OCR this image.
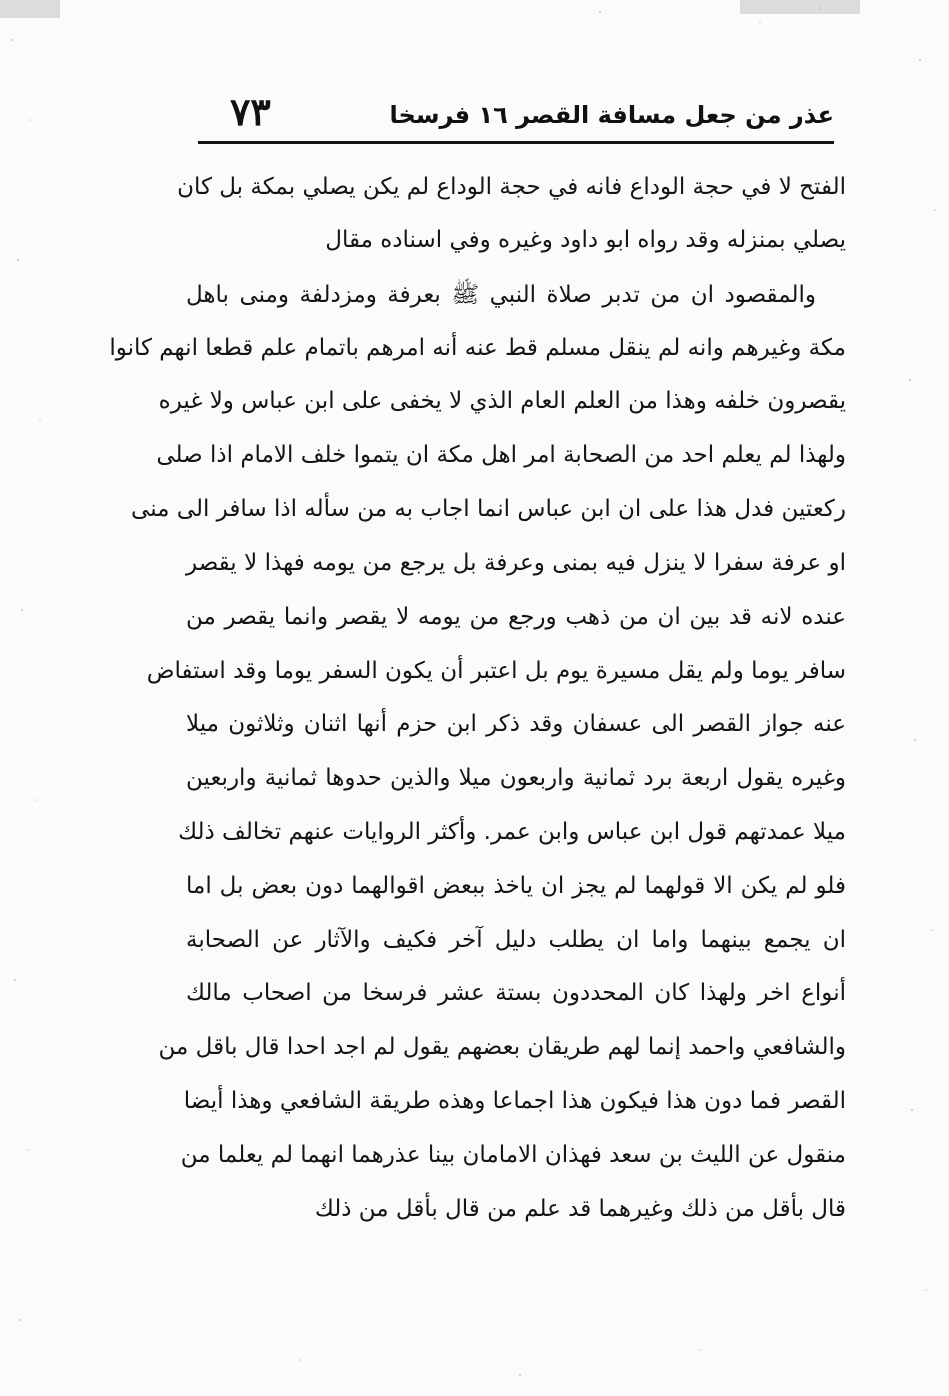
٧٣	عذر من جعل مسافة القصر ١٦ فرسخا
الفتح لا في حجة الوداع فانه في حجة الوداع لم يكن يصلي بمكة بل كان
يصلي بمنزله وقد رواه ابو داود وغيره وفي اسناده مقال
والمقصود ان من تدبر صلاة النبي ﷺ بعرفة ومزدلفة ومنى باهل
مكة وغيرهم وانه لم ينقل مسلم قط عنه أنه امرهم باتمام علم قطعا انهم كانوا
يقصرون خلفه وهذا من العلم العام الذي لا يخفى على ابن عباس ولا غيره
ولهذا لم يعلم احد من الصحابة امر اهل مكة ان يتموا خلف الامام اذا صلى
ركعتين فدل هذا على ان ابن عباس انما اجاب به من سأله اذا سافر الى منى
او عرفة سفرا لا ينزل فيه بمنى وعرفة بل يرجع من يومه فهذا لا يقصر
عنده لانه قد بين ان من ذهب ورجع من يومه لا يقصر وانما يقصر من
سافر يوما ولم يقل مسيرة يوم بل اعتبر أن يكون السفر يوما وقد استفاض
عنه جواز القصر الى عسفان وقد ذكر ابن حزم أنها اثنان وثلاثون ميلا
وغيره يقول اربعة برد ثمانية واربعون ميلا والذين حدوها ثمانية واربعين
ميلا عمدتهم قول ابن عباس وابن عمر. وأكثر الروايات عنهم تخالف ذلك
فلو لم يكن الا قولهما لم يجز ان ياخذ ببعض اقوالهما دون بعض بل اما
ان يجمع بينهما واما ان يطلب دليل آخر فكيف والآثار عن الصحابة
أنواع اخر ولهذا كان المحددون بستة عشر فرسخا من اصحاب مالك
والشافعي واحمد إنما لهم طريقان بعضهم يقول لم اجد احدا قال باقل من
القصر فما دون هذا فيكون هذا اجماعا وهذه طريقة الشافعي وهذا أيضا
منقول عن الليث بن سعد فهذان الامامان بينا عذرهما انهما لم يعلما من
قال بأقل من ذلك وغيرهما قد علم من قال بأقل من ذلك
